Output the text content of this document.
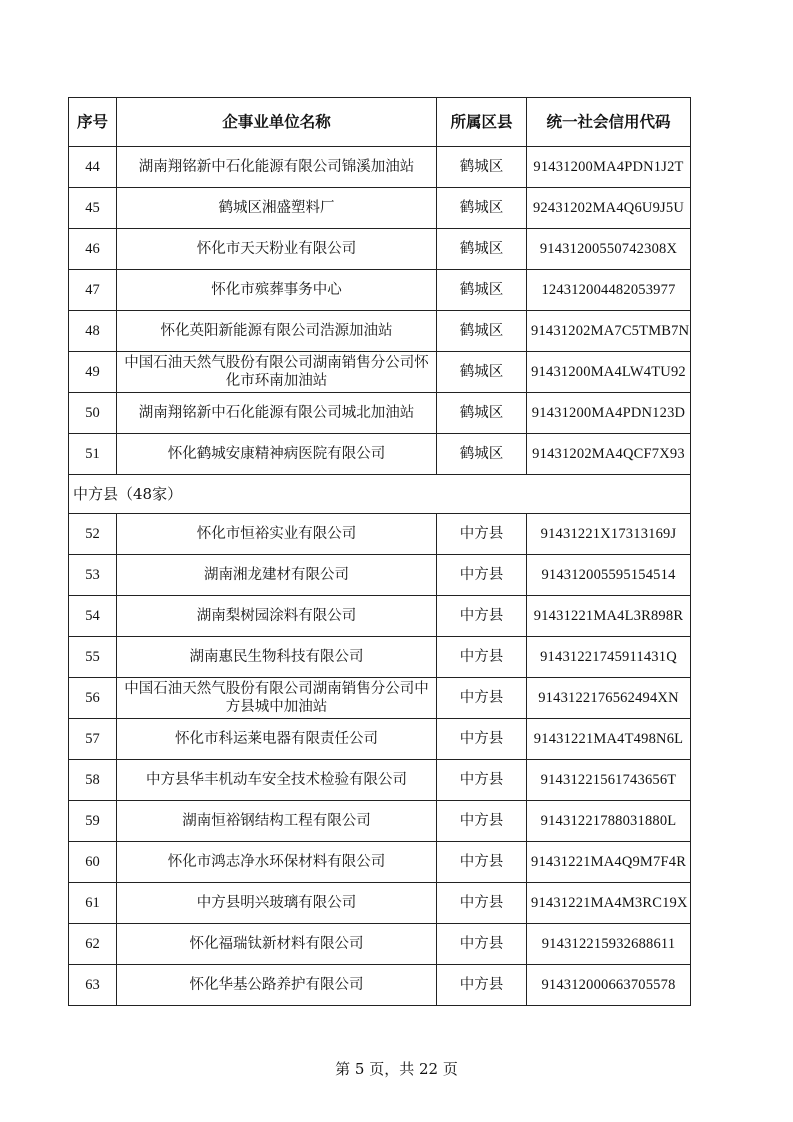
序号	企事业单位名称	所属区县	统一社会信用代码
44	湖南翔铭新中石化能源有限公司锦溪加油站	鹤城区	91431200MA4PDN1J2T
45	鹤城区湘盛塑料厂	鹤城区	92431202MA4Q6U9J5U
46	怀化市天天粉业有限公司	鹤城区	91431200550742308X
47	怀化市殡葬事务中心	鹤城区	124312004482053977
48	怀化英阳新能源有限公司浩源加油站	鹤城区	91431202MA7C5TMB7N
49	中国石油天然气股份有限公司湖南销售分公司怀化市环南加油站	鹤城区	91431200MA4LW4TU92
50	湖南翔铭新中石化能源有限公司城北加油站	鹤城区	91431200MA4PDN123D
51	怀化鹤城安康精神病医院有限公司	鹤城区	91431202MA4QCF7X93
中方县（48家）			
52	怀化市恒裕实业有限公司	中方县	91431221X17313169J
53	湖南湘龙建材有限公司	中方县	914312005595154514
54	湖南梨树园涂料有限公司	中方县	91431221MA4L3R898R
55	湖南惠民生物科技有限公司	中方县	91431221745911431Q
56	中国石油天然气股份有限公司湖南销售分公司中方县城中加油站	中方县	9143122176562494XN
57	怀化市科运莱电器有限责任公司	中方县	91431221MA4T498N6L
58	中方县华丰机动车安全技术检验有限公司	中方县	91431221561743656T
59	湖南恒裕钢结构工程有限公司	中方县	91431221788031880L
60	怀化市鸿志净水环保材料有限公司	中方县	91431221MA4Q9M7F4R
61	中方县明兴玻璃有限公司	中方县	91431221MA4M3RC19X
62	怀化福瑞钛新材料有限公司	中方县	914312215932688611
63	怀化华基公路养护有限公司	中方县	914312000663705578
第 5 页，共 22 页
